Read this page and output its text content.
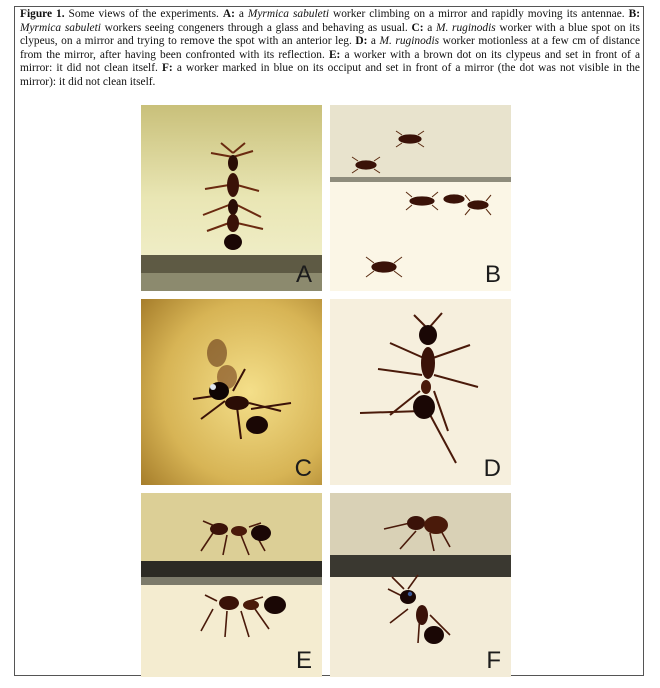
Figure 1. Some views of the experiments. A: a Myrmica sabuleti worker climbing on a mirror and rapidly moving its antennae. B: Myrmica sabuleti workers seeing congeners through a glass and behaving as usual. C: a M. ruginodis worker with a blue spot on its clypeus, on a mirror and trying to remove the spot with an anterior leg. D: a M. ruginodis worker motionless at a few cm of distance from the mirror, after having been confronted with its reflection. E: a worker with a brown dot on its clypeus and set in front of a mirror: it did not clean itself. F: a worker marked in blue on its occiput and set in front of a mirror (the dot was not visible in the mirror): it did not clean itself.
A	B
C	D
E	F
